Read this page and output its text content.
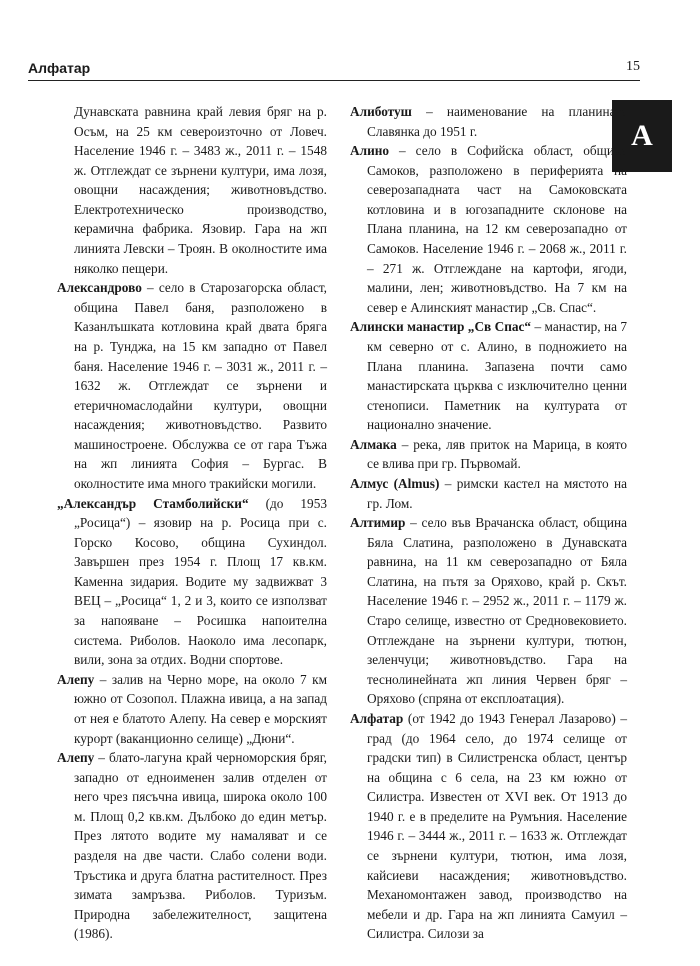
Алфатар	15
А

Дунавската равнина край левия бряг на р. Осъм, на 25 км североизточно от Ловеч. Население 1946 г. – 3483 ж., 2011 г. – 1548 ж. Отглеждат се зърнени култури, има лозя, овощни насаждения; животновъдство. Електротехническо производство, керамична фабрика. Язовир. Гара на жп линията Левски – Троян. В околностите има няколко пещери.

Александрово – село в Старозагорска област, община Павел баня, разположено в Казанлъшката котловина край двата бряга на р. Тунджа, на 15 км западно от Павел баня. Население 1946 г. – 3031 ж., 2011 г. – 1632 ж. Отглеждат се зърнени и етеричномаслодайни култури, овощни насаждения; животновъдство. Развито машиностроене. Обслужва се от гара Тъжа на жп линията София – Бургас. В околностите има много тракийски могили.

„Александър Стамболийски“ (до 1953 „Росица“) – язовир на р. Росица при с. Горско Косово, община Сухиндол. Завършен през 1954 г. Площ 17 кв.км. Каменна зидария. Водите му задвижват 3 ВЕЦ – „Росица“ 1, 2 и 3, които се използват за напояване – Росишка напоителна система. Риболов. Наоколо има лесопарк, вили, зона за отдих. Водни спортове.

Алепу – залив на Черно море, на около 7 км южно от Созопол. Плажна ивица, а на запад от нея е блатото Алепу. На север е морският курорт (ваканционно селище) „Дюни“.

Алепу – блато-лагуна край черноморския бряг, западно от едноименен залив отделен от него чрез пясъчна ивица, широка около 100 м. Площ 0,2 кв.км. Дълбоко до един метър. През лятото водите му намаляват и се разделя на две части. Слабо солени води. Тръстика и друга блатна растителност. През зимата замръзва. Риболов. Туризъм. Природна забележителност, защитена (1986).

Алиботуш – наименование на планината Славянка до 1951 г.

Алино – село в Софийска област, община Самоков, разположено в периферията на северозападната част на Самоковската котловина и в югозападните склонове на Плана планина, на 12 км северозападно от Самоков. Население 1946 г. – 2068 ж., 2011 г. – 271 ж. Отглеждане на картофи, ягоди, малини, лен; животновъдство. На 7 км на север е Алинският манастир „Св. Спас“.

Алински манастир „Св Спас“ – манастир, на 7 км северно от с. Алино, в подножието на Плана планина. Запазена почти само манастирската църква с изключително ценни стенописи. Паметник на културата от национално значение.

Алмака – река, ляв приток на Марица, в която се влива при гр. Първомай.

Алмус (Almus) – римски кастел на мястото на гр. Лом.

Алтимир – село във Врачанска област, община Бяла Слатина, разположено в Дунавската равнина, на 11 км северозападно от Бяла Слатина, на пътя за Оряхово, край р. Скът. Население 1946 г. – 2952 ж., 2011 г. – 1179 ж. Старо селище, известно от Средновековието. Отглеждане на зърнени култури, тютюн, зеленчуци; животновъдство. Гара на теснолинейната жп линия Червен бряг – Оряхово (спряна от експлоатация).

Алфатар (от 1942 до 1943 Генерал Лазарово) – град (до 1964 село, до 1974 селище от градски тип) в Силистренска област, център на община с 6 села, на 23 км южно от Силистра. Известен от XVI век. От 1913 до 1940 г. е в пределите на Румъния. Население 1946 г. – 3444 ж., 2011 г. – 1633 ж. Отглеждат се зърнени култури, тютюн, има лозя, кайсиеви насаждения; животновъдство. Механомонтажен завод, производство на мебели и др. Гара на жп линията Самуил – Силистра. Силози за
